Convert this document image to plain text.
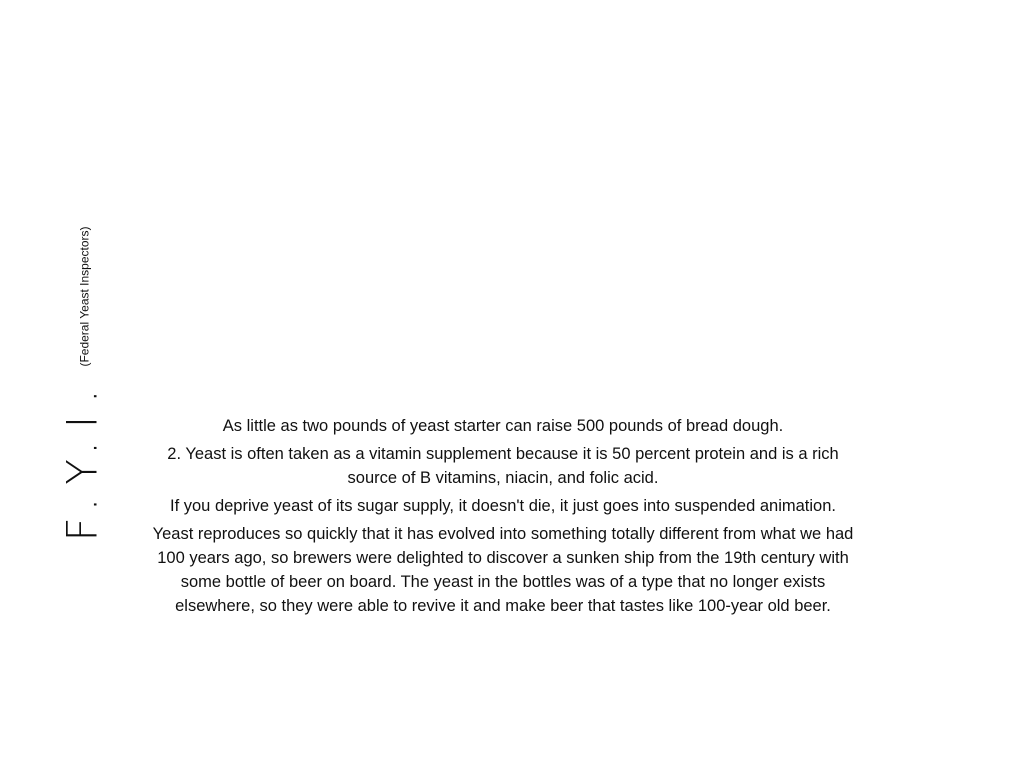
F.Y.I.
(Federal Yeast Inspectors)

As little as two pounds of yeast starter can raise 500 pounds of bread dough.

2. Yeast is often taken as a vitamin supplement because it is 50 percent protein and is a rich source of B vitamins, niacin, and folic acid.

If you deprive yeast of its sugar supply, it doesn't die, it just goes into suspended animation.

Yeast reproduces so quickly that it has evolved into something totally different from what we had 100 years ago, so brewers were delighted to discover a sunken ship from the 19th century with some bottle of beer on board. The yeast in the bottles was of a type that no longer exists elsewhere, so they were able to revive it and make beer that tastes like 100-year old beer.
